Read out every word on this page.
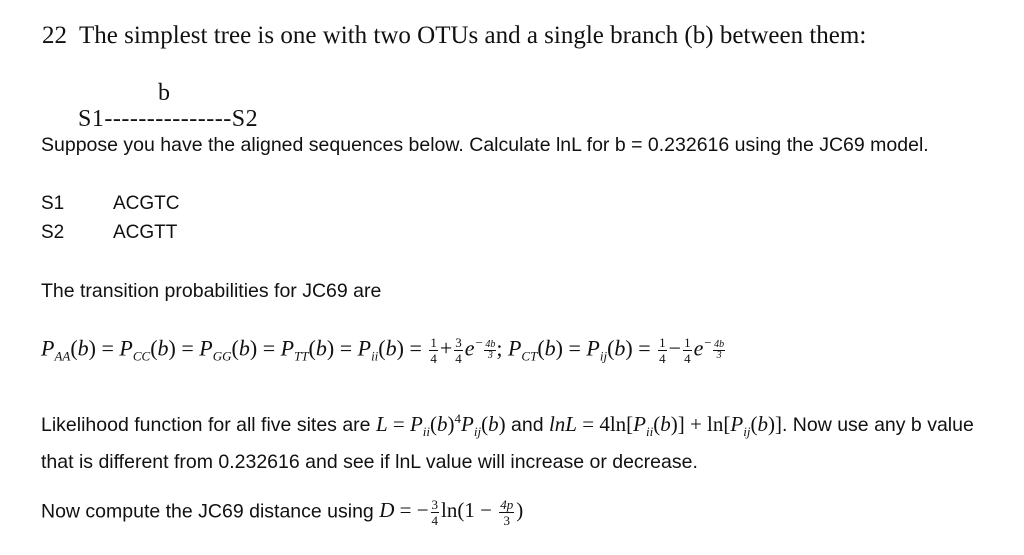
22 The simplest tree is one with two OTUs and a single branch (b) between them:
b
S1---------------S2
Suppose you have the aligned sequences below. Calculate lnL for b = 0.232616 using the JC69 model.
S1	ACGTC
S2	ACGTT
The transition probabilities for JC69 are
$P_{AA}(b) = P_{CC}(b) = P_{GG}(b) = P_{TT}(b) = P_{ii}(b) = \frac{1}{4} + \frac{3}{4} e^- \frac{4b}{3}$ ; $P_{CT}(b) = P_{ij}(b) = \frac{1}{4} - \frac{1}{4} e^- \frac{4b}{3}$
Likelihood function for all five sites are $L = P_{ii}(b)^4P_{ij}(b)$ and $\ln L = 4\ln[P_{ii}(b)] + \ln[P_{ij}(b)]$. Now use any b value that is different from 0.232616 and see if lnL value will increase or decrease.
Now compute the JC69 distance using D = − $\frac{3}{4} \ln(1 - \frac{4p}{3}$ )
